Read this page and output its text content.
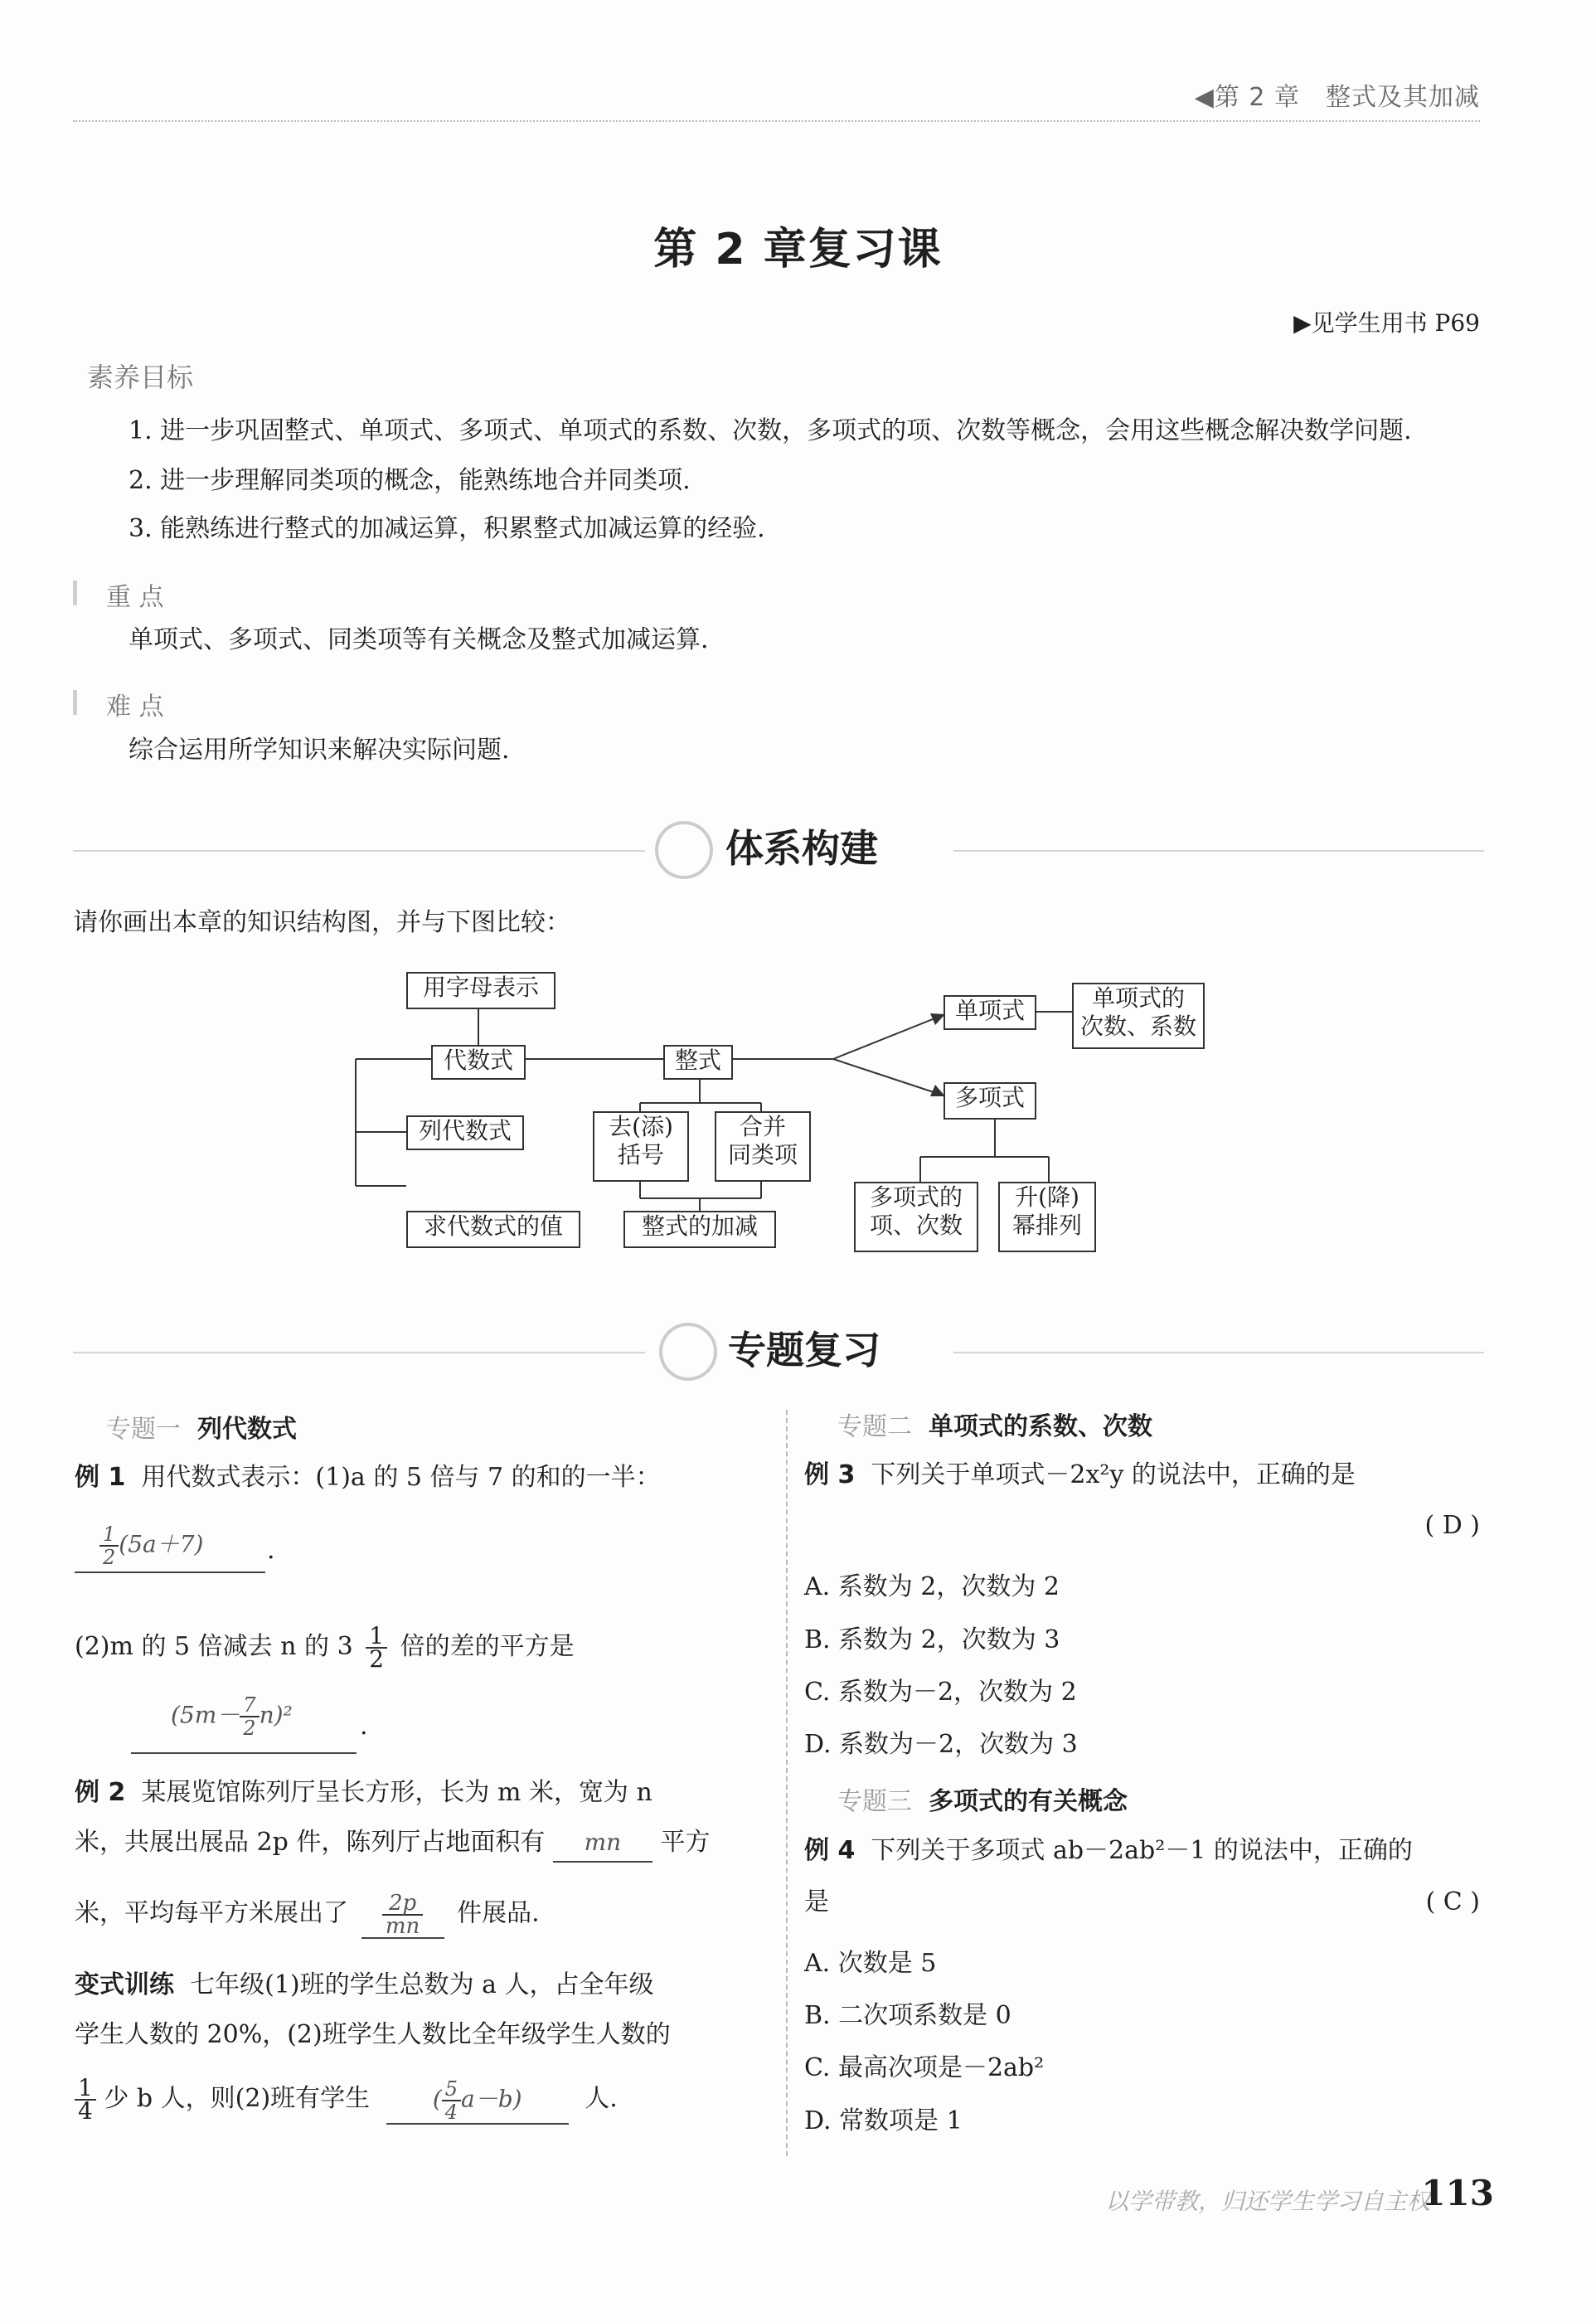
◀第 2 章　整式及其加减
第 2 章复习课
▶见学生用书 P69
素养目标
1. 进一步巩固整式、单项式、多项式、单项式的系数、次数，多项式的项、次数等概念，会用这些概念解决数学问题.
2. 进一步理解同类项的概念，能熟练地合并同类项.
3. 能熟练进行整式的加减运算，积累整式加减运算的经验.
重 点
单项式、多项式、同类项等有关概念及整式加减运算.
难 点
综合运用所学知识来解决实际问题.
体系构建
请你画出本章的知识结构图，并与下图比较：
用字母表示
代数式	整式
单项式	单项式的
次数、系数
多项式
列代数式	去(添)
括号
合并
同类项
多项式的
项、次数
升(降)
幂排列
求代数式的值	整式的加减
专题复习
专题一 列代数式
例 1 用代数式表示：(1)a 的 5 倍与 7 的和的一半：
$\frac{1}{2} (5a+7)$	.
(2)m 的 5 倍减去 n 的 $3 \frac{1}{2}$ 倍的差的平方是
$(5m- \frac{7}{2} n)^2$	.
例 2 某展览馆陈列厅呈长方形，长为 m 米，宽为 n
米，共展出展品 2p 件，陈列厅占地面积有 mn 平方
米，平均每平方米展出了 $\frac{2p}{mn}$ 件展品.
变式训练 七年级(1)班的学生总数为 a 人，占全年级
学生人数的 20%，(2)班学生人数比全年级学生人数的
$\frac{1}{4}$ 少 b 人，则(2)班有学生	( $\frac{5}{4} a-b$)	人.
专题二 单项式的系数、次数
例 3 下列关于单项式－2x²y 的说法中，正确的是
( D )
A. 系数为 2，次数为 2
B. 系数为 2，次数为 3
C. 系数为－2，次数为 2
D. 系数为－2，次数为 3
专题三 多项式的有关概念
例 4 下列关于多项式 ab－2ab²－1 的说法中，正确的
是	( C )
A. 次数是 5
B. 二次项系数是 0
C. 最高次项是－2ab²
D. 常数项是 1
以学带教，归还学生学习自主权
113
